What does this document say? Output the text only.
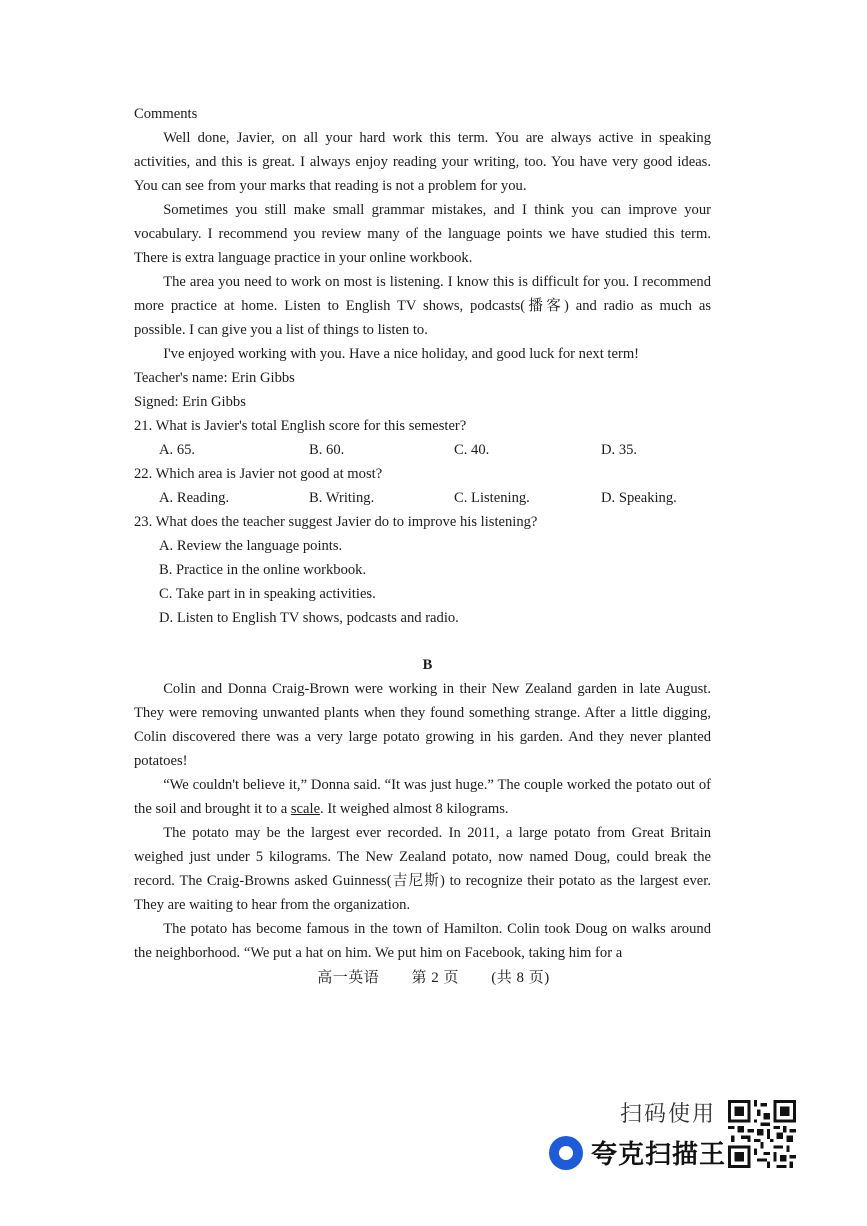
Comments

Well done, Javier, on all your hard work this term. You are always active in speaking activities, and this is great. I always enjoy reading your writing, too. You have very good ideas. You can see from your marks that reading is not a problem for you.

Sometimes you still make small grammar mistakes, and I think you can improve your vocabulary. I recommend you review many of the language points we have studied this term. There is extra language practice in your online workbook.

The area you need to work on most is listening. I know this is difficult for you. I recommend more practice at home. Listen to English TV shows, podcasts(播客) and radio as much as possible. I can give you a list of things to listen to.

I've enjoyed working with you. Have a nice holiday, and good luck for next term!

Teacher's name: Erin Gibbs

Signed: Erin Gibbs

21. What is Javier's total English score for this semester?

A. 65.	B. 60.	C. 40.	D. 35.

22. Which area is Javier not good at most?

A. Reading.	B. Writing.	C. Listening.	D. Speaking.

23. What does the teacher suggest Javier do to improve his listening?

A. Review the language points.

B. Practice in the online workbook.

C. Take part in in speaking activities.

D. Listen to English TV shows, podcasts and radio.

B

Colin and Donna Craig-Brown were working in their New Zealand garden in late August. They were removing unwanted plants when they found something strange. After a little digging, Colin discovered there was a very large potato growing in his garden. And they never planted potatoes!

“We couldn't believe it,” Donna said. “It was just huge.” The couple worked the potato out of the soil and brought it to a scale. It weighed almost 8 kilograms.

The potato may be the largest ever recorded. In 2011, a large potato from Great Britain weighed just under 5 kilograms. The New Zealand potato, now named Doug, could break the record. The Craig-Browns asked Guinness(吉尼斯) to recognize their potato as the largest ever. They are waiting to hear from the organization.

The potato has become famous in the town of Hamilton. Colin took Doug on walks around the neighborhood. “We put a hat on him. We put him on Facebook, taking him for a

高一英语 第 2 页 (共 8 页)
扫码使用
夸克扫描王
